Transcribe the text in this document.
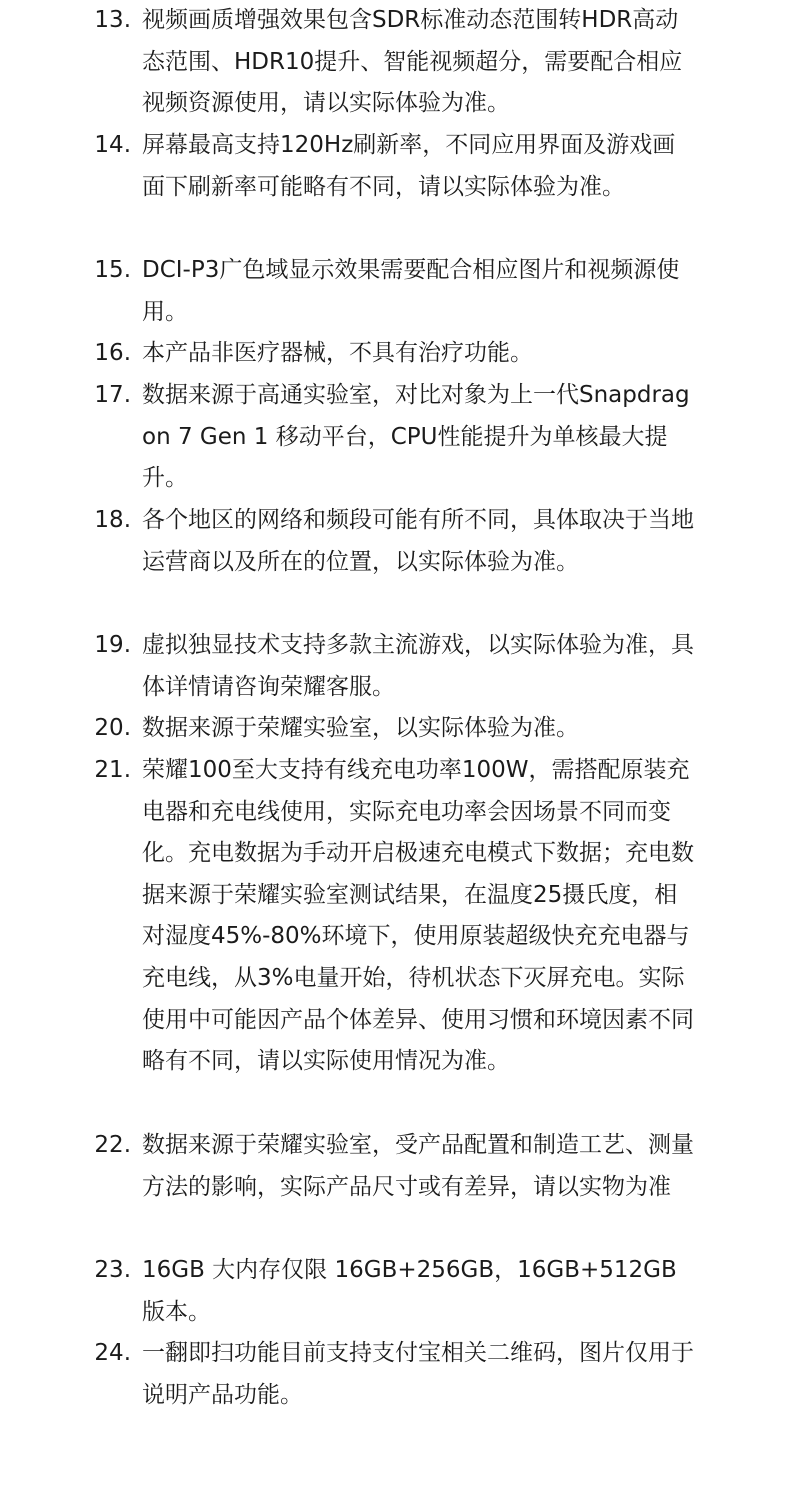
13. 视频画质增强效果包含SDR标准动态范围转HDR高动态范围、HDR10提升、智能视频超分，需要配合相应视频资源使用，请以实际体验为准。
14. 屏幕最高支持120Hz刷新率，不同应用界面及游戏画面下刷新率可能略有不同，请以实际体验为准。
15. DCI-P3广色域显示效果需要配合相应图片和视频源使用。
16. 本产品非医疗器械，不具有治疗功能。
17. 数据来源于高通实验室，对比对象为上一代Snapdragon 7 Gen 1 移动平台，CPU性能提升为单核最大提升。
18. 各个地区的网络和频段可能有所不同，具体取决于当地运营商以及所在的位置，以实际体验为准。
19. 虚拟独显技术支持多款主流游戏，以实际体验为准，具体详情请咨询荣耀客服。
20. 数据来源于荣耀实验室，以实际体验为准。
21. 荣耀100至大支持有线充电功率100W，需搭配原装充电器和充电线使用，实际充电功率会因场景不同而变化。充电数据为手动开启极速充电模式下数据；充电数据来源于荣耀实验室测试结果，在温度25摄氏度，相对湿度45%-80%环境下，使用原装超级快充充电器与充电线，从3%电量开始，待机状态下灭屏充电。实际使用中可能因产品个体差异、使用习惯和环境因素不同略有不同，请以实际使用情况为准。
22. 数据来源于荣耀实验室，受产品配置和制造工艺、测量方法的影响，实际产品尺寸或有差异，请以实物为准
23. 16GB 大内存仅限 16GB+256GB，16GB+512GB 版本。
24. 一翻即扫功能目前支持支付宝相关二维码，图片仅用于说明产品功能。
